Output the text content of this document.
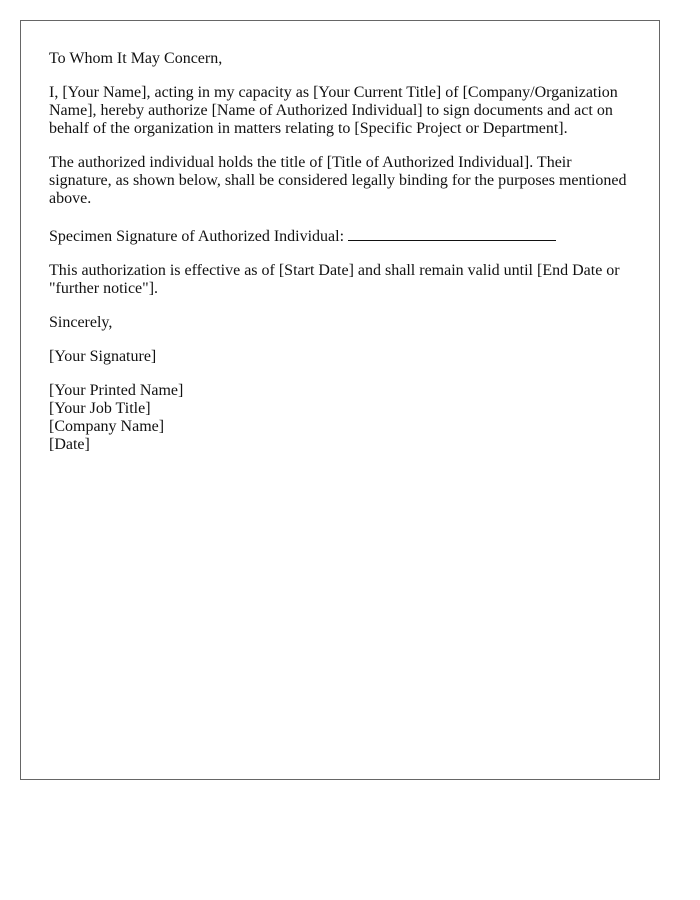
To Whom It May Concern,

I, [Your Name], acting in my capacity as [Your Current Title] of [Company/Organization Name], hereby authorize [Name of Authorized Individual] to sign documents and act on behalf of the organization in matters relating to [Specific Project or Department].

The authorized individual holds the title of [Title of Authorized Individual]. Their signature, as shown below, shall be considered legally binding for the purposes mentioned above.

Specimen Signature of Authorized Individual:

This authorization is effective as of [Start Date] and shall remain valid until [End Date or "further notice"].

Sincerely,

[Your Signature]

[Your Printed Name]

[Your Job Title]

[Company Name]

[Date]
